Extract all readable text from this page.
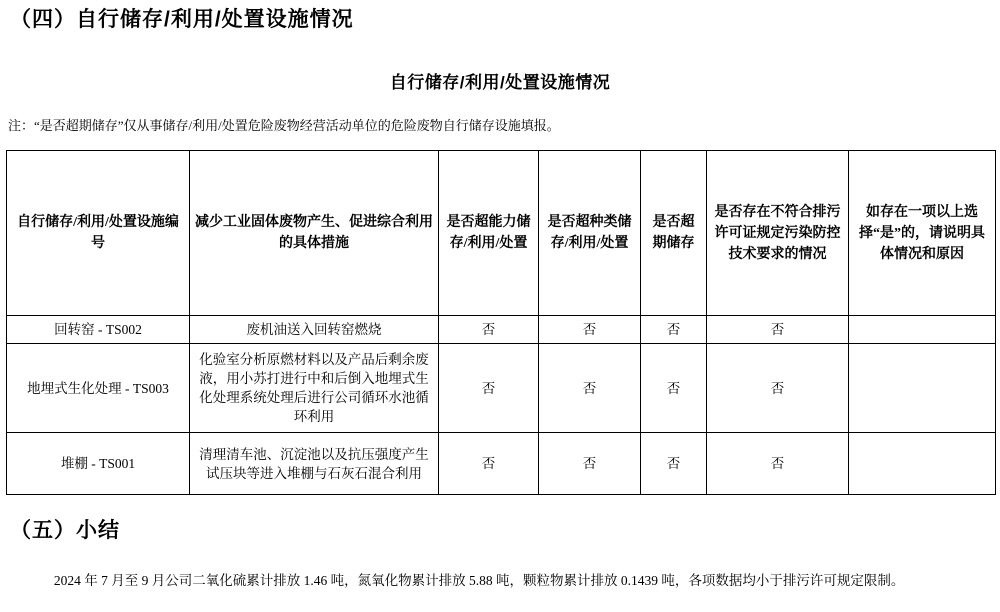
（四）自行储存/利用/处置设施情况
自行储存/利用/处置设施情况
注：“是否超期储存”仅从事储存/利用/处置危险废物经营活动单位的危险废物自行储存设施填报。
自行储存/利用/处置设施编号	减少工业固体废物产生、促进综合利用的具体措施	是否超能力储存/利用/处置	是否超种类储存/利用/处置	是否超期储存	是否存在不符合排污许可证规定污染防控技术要求的情况	如存在一项以上选择“是”的，请说明具体情况和原因
回转窑 - TS002	废机油送入回转窑燃烧	否	否	否	否	
地埋式生化处理 - TS003	化验室分析原燃材料以及产品后剩余废液，用小苏打进行中和后倒入地埋式生化处理系统处理后进行公司循环水池循环利用	否	否	否	否	
堆棚 - TS001	清理清车池、沉淀池以及抗压强度产生试压块等进入堆棚与石灰石混合利用	否	否	否	否	
（五）小结
2024 年 7 月至 9 月公司二氧化硫累计排放 1.46 吨，氮氧化物累计排放 5.88 吨，颗粒物累计排放 0.1439 吨，各项数据均小于排污许可规定限制。
